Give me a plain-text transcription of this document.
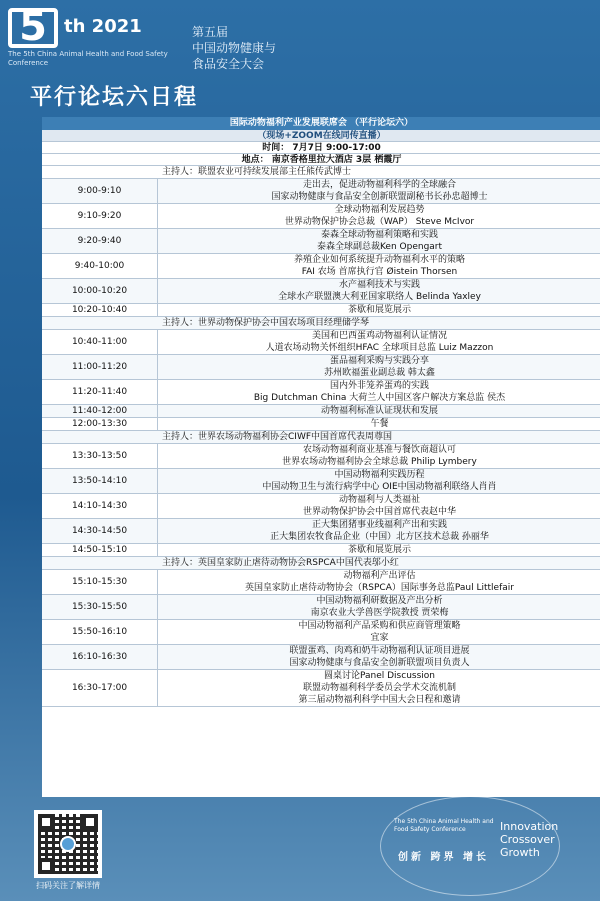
5 th 2021
The 5th China Animal Health and Food Safety Conference
第五届
中国动物健康与
食品安全大会
平行论坛六日程
国际动物福利产业发展联席会 （平行论坛六）
（现场+ZOOM在线同传直播）
时间： 7月7日 9:00-17:00
地点： 南京香格里拉大酒店 3层 栖霞厅
主持人：联盟农业可持续发展部主任熊传武博士
9:00-9:10
走出去，促进动物福利科学的全球融合
国家动物健康与食品安全创新联盟副秘书长孙忠超博士
9:10-9:20
全球动物福利发展趋势
世界动物保护协会总裁（WAP） Steve McIvor
9:20-9:40
泰森全球动物福利策略和实践
泰森全球副总裁Ken Opengart
9:40-10:00
养殖企业如何系统提升动物福利水平的策略
FAI 农场 首席执行官 Øistein Thorsen
10:00-10:20
水产福利技术与实践
全球水产联盟澳大利亚国家联络人 Belinda Yaxley
10:20-10:40	茶歇和展览展示
主持人：世界动物保护协会中国农场项目经理储学琴
10:40-11:00
美国和巴西蛋鸡动物福利认证情况
人道农场动物关怀组织HFAC 全球项目总监 Luiz Mazzon
11:00-11:20
蛋品福利采购与实践分享
苏州欧福蛋业副总裁 韩太鑫
11:20-11:40
国内外非笼养蛋鸡的实践
Big Dutchman China 大荷兰人中国区客户解决方案总监 侯杰
11:40-12:00	动物福利标准认证现状和发展
12:00-13:30	午餐
主持人：世界农场动物福利协会CIWF中国首席代表周尊国
13:30-13:50
农场动物福利商业基准与餐饮商超认可
世界农场动物福利协会全球总裁 Philip Lymbery
13:50-14:10
中国动物福利实践历程
中国动物卫生与流行病学中心 OIE中国动物福利联络人肖肖
14:10-14:30
动物福利与人类福祉
世界动物保护协会中国首席代表赵中华
14:30-14:50
正大集团猪事业线福利产出和实践
正大集团农牧食品企业（中国）北方区技术总裁 孙丽华
14:50-15:10	茶歇和展览展示
主持人：英国皇家防止虐待动物协会RSPCA中国代表邬小红
15:10-15:30
动物福利产出评估
英国皇家防止虐待动物协会（RSPCA）国际事务总监Paul Littlefair
15:30-15:50
中国动物福利研数据及产出分析
南京农业大学兽医学院教授 贾荣梅
15:50-16:10
中国动物福利产品采购和供应商管理策略
宜家
16:10-16:30
联盟蛋鸡、肉鸡和奶牛动物福利认证项目进展
国家动物健康与食品安全创新联盟项目负责人
16:30-17:00
圆桌讨论Panel Discussion
联盟动物福利科学委员会学术交流机制
第三届动物福利科学中国大会日程和邀请
扫码关注了解详情
The 5th China Animal Health and Food Safety Conference	Innovation
Crossover
Growth
创新 跨界 增长
